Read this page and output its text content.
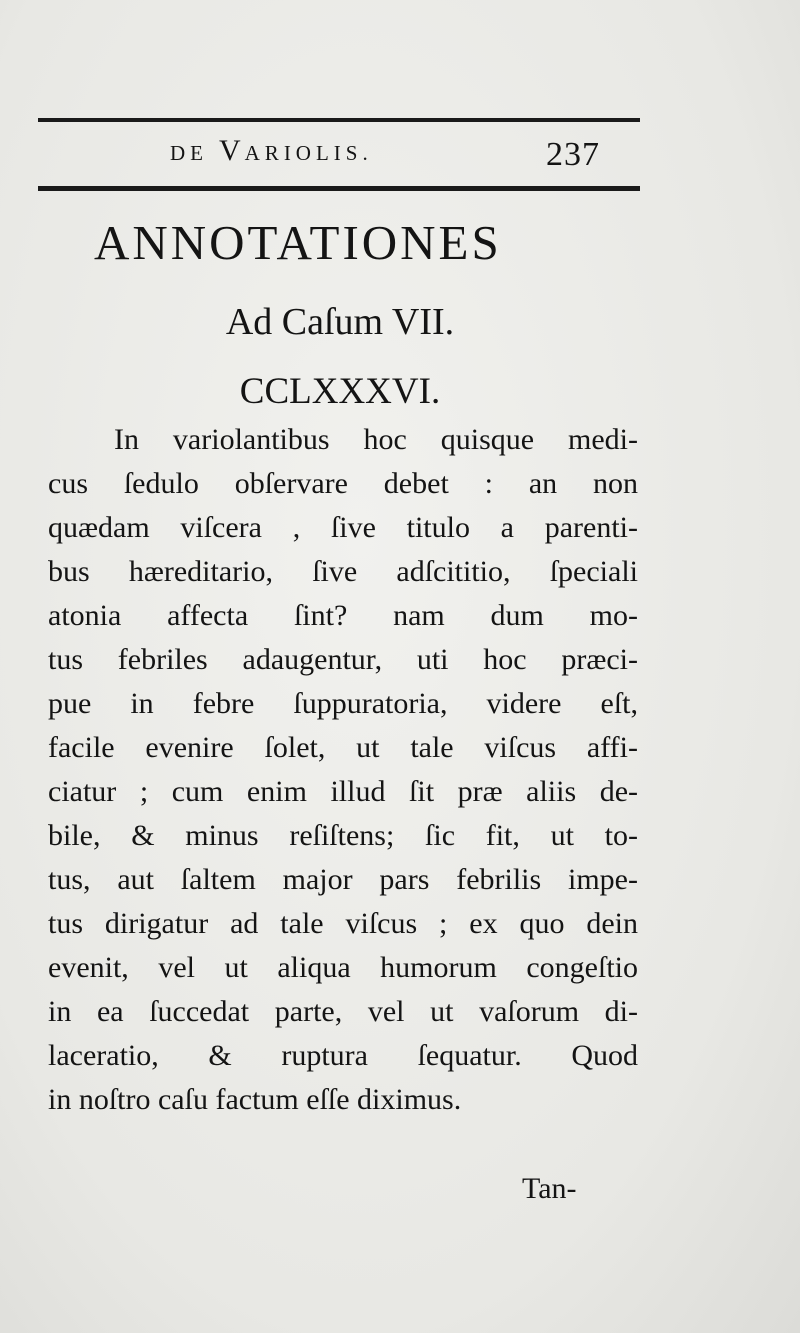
DE VARIOLIS.	237
ANNOTATIONES
Ad Caſum VII.
CCLXXXVI.
In variolantibus hoc quisque medi-
cus ſedulo obſervare debet : an non
quædam viſcera , ſive titulo a parenti-
bus hæreditario, ſive adſcititio, ſpeciali
atonia affecta ſint? nam dum mo-
tus febriles adaugentur, uti hoc præci-
pue in febre ſuppuratoria, videre eſt,
facile evenire ſolet, ut tale viſcus affi-
ciatur ; cum enim illud ſit præ aliis de-
bile, & minus reſiſtens; ſic fit, ut to-
tus, aut ſaltem major pars febrilis impe-
tus dirigatur ad tale viſcus ; ex quo dein
evenit, vel ut aliqua humorum congeſtio
in ea ſuccedat parte, vel ut vaſorum di-
laceratio, & ruptura ſequatur. Quod
in noſtro caſu factum eſſe diximus.
Tan-
